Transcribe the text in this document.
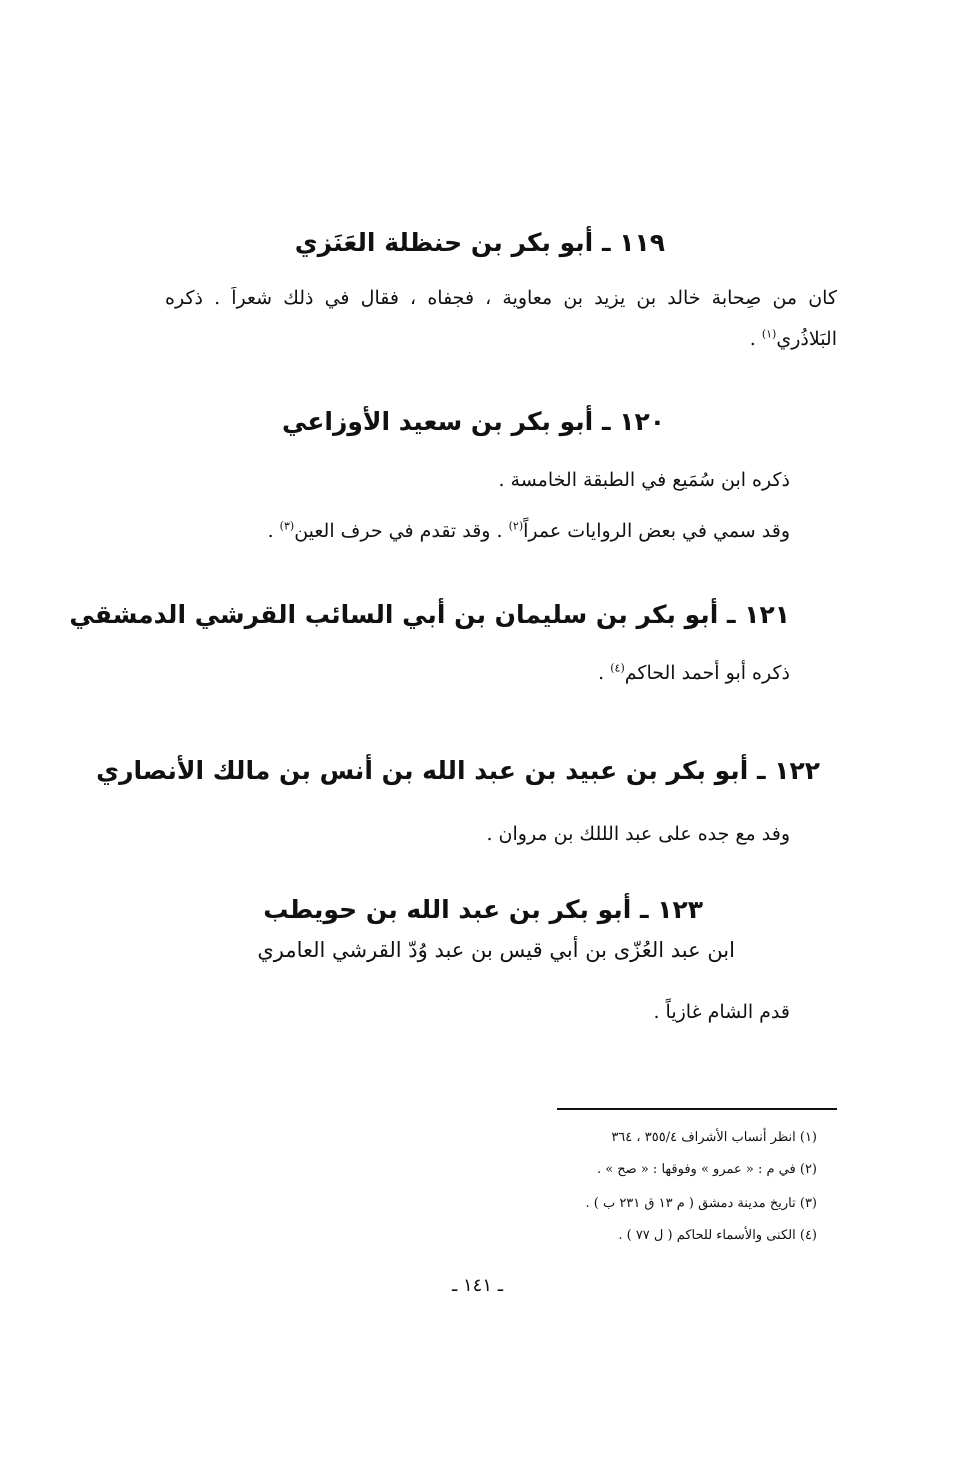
١١٩ ـ أبو بكر بن حنظلة العَنَزي
كان من صِحابة خالد بن يزيد بن معاوية ، فجفاه ، فقال في ذلك شعراً . ذكره
البَلاذُري$^{(١)}$ .
١٢٠ ـ أبو بكر بن سعيد الأوزاعي
ذكره ابن سُمَيع في الطبقة الخامسة .
وقد سمي في بعض الروايات عمراً$^{(٢)}$ . وقد تقدم في حرف العين$^{(٣)}$ .
١٢١ ـ أبو بكر بن سليمان بن أبي السائب القرشي الدمشقي
ذكره أبو أحمد الحاكم$^{(٤)}$ .
١٢٢ ـ أبو بكر بن عبيد بن عبد الله بن أنس بن مالك الأنصاري
وفد مع جده على عبد الللك بن مروان .
١٢٣ ـ أبو بكر بن عبد الله بن حويطب
ابن عبد العُزّى بن أبي قيس بن عبد وُدّ القرشي العامري
قدم الشام غازياً .
(١) انظر أنساب الأشراف ٣٥٥/٤ ، ٣٦٤
(٢) في م : « عمرو » وفوقها : « صح » .
(٣) تاريخ مدينة دمشق ( م ١٣ ق ٢٣١ ب ) .
(٤) الكنى والأسماء للحاكم ( ل ٧٧ ) .
ـ ١٤١ ـ
